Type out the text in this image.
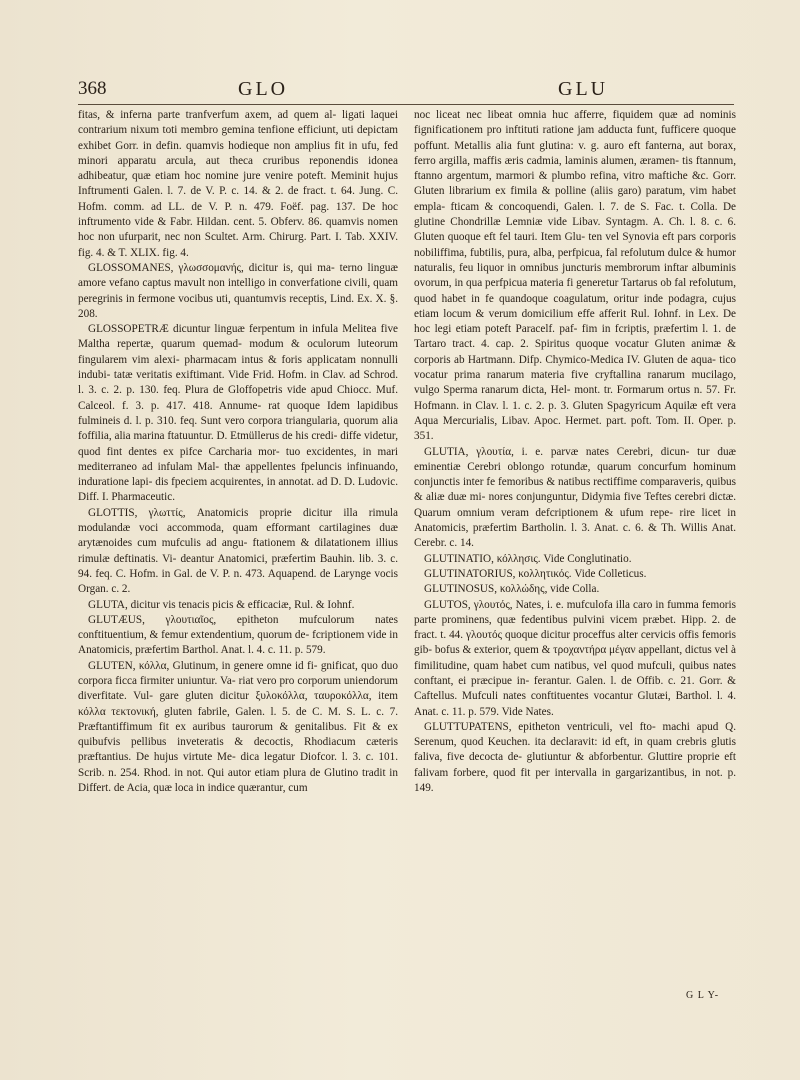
368	GLO	GLU

fitas, & inferna parte tranfverfum axem, ad quem al- ligati laquei contrarium nixum toti membro gemina tenfione efficiunt, uti depictam exhibet Gorr. in defin. quamvis hodieque non amplius fit in ufu, fed minori apparatu arcula, aut theca cruribus reponendis idonea adhibeatur, quæ etiam hoc nomine jure venire poteft. Meminit hujus Inftrumenti Galen. l. 7. de V. P. c. 14. & 2. de fract. t. 64. Jung. C. Hofm. comm. ad LL. de V. P. n. 479. Foëf. pag. 137. De hoc inftrumento vide & Fabr. Hildan. cent. 5. Obferv. 86. quamvis nomen hoc non ufurparit, nec non Scultet. Arm. Chirurg. Part. I. Tab. XXIV. fig. 4. & T. XLIX. fig. 4.

GLOSSOMANES, γλωσσομανής, dicitur is, qui ma- terno linguæ amore vefano captus mavult non intelligo in converfatione civili, quam peregrinis in fermone vocibus uti, quantumvis receptis, Lind. Ex. X. §. 208.

GLOSSOPETRÆ dicuntur linguæ ferpentum in infula Melitea five Maltha repertæ, quarum quemad- modum & oculorum luteorum fingularem vim alexi- pharmacam intus & foris applicatam nonnulli indubi- tatæ veritatis exiftimant. Vide Frid. Hofm. in Clav. ad Schrod. l. 3. c. 2. p. 130. feq. Plura de Gloffopetris vide apud Chiocc. Muf. Calceol. f. 3. p. 417. 418. Annume- rat quoque Idem lapidibus fulmineis d. l. p. 310. feq. Sunt vero corpora triangularia, quorum alia foffilia, alia marina ftatuuntur. D. Etmüllerus de his credi- diffe videtur, quod fint dentes ex pifce Carcharia mor- tuo excidentes, in mari mediterraneo ad infulam Mal- thæ appellentes fpeluncis infinuando, induratione lapi- dis fpeciem acquirentes, in annotat. ad D. D. Ludovic. Diff. I. Pharmaceutic.

GLOTTIS, γλωττίς, Anatomicis proprie dicitur illa rimula modulandæ voci accommoda, quam efformant cartilagines duæ arytænoides cum mufculis ad angu- ftationem & dilatationem illius rimulæ deftinatis. Vi- deantur Anatomici, præfertim Bauhin. lib. 3. c. 94. feq. C. Hofm. in Gal. de V. P. n. 473. Aquapend. de Larynge vocis Organ. c. 2.

GLUTA, dicitur vis tenacis picis & efficaciæ, Rul. & Iohnf.

GLUTÆUS, γλουτιαῖος, epitheton mufculorum nates conftituentium, & femur extendentium, quorum de- fcriptionem vide in Anatomicis, præfertim Barthol. Anat. l. 4. c. 11. p. 579.

GLUTEN, κόλλα, Glutinum, in genere omne id fi- gnificat, quo duo corpora ficca firmiter uniuntur. Va- riat vero pro corporum uniendorum diverfitate. Vul- gare gluten dicitur ξυλοκόλλα, ταυροκόλλα, item κόλλα τεκτονική, gluten fabrile, Galen. l. 5. de C. M. S. L. c. 7. Præftantiffimum fit ex auribus taurorum & genitalibus. Fit & ex quibufvis pellibus inveteratis & decoctis, Rhodiacum cæteris præftantius. De hujus virtute Me- dica legatur Diofcor. l. 3. c. 101. Scrib. n. 254. Rhod. in not. Qui autor etiam plura de Glutino tradit in Differt. de Acia, quæ loca in indice quærantur, cum

noc liceat nec libeat omnia huc afferre, fiquidem quæ ad nominis fignificationem pro inftituti ratione jam adducta funt, fufficere quoque poffunt. Metallis alia funt glutina: v. g. auro eft fanterna, aut borax, ferro argilla, maffis æris cadmia, laminis alumen, æramen- tis ftannum, ftanno argentum, marmori & plumbo refina, vitro maftiche &c. Gorr. Gluten librarium ex fimila & polline (aliis garo) paratum, vim habet empla- fticam & concoquendi, Galen. l. 7. de S. Fac. t. Colla. De glutine Chondrillæ Lemniæ vide Libav. Syntagm. A. Ch. l. 8. c. 6. Gluten quoque eft fel tauri. Item Glu- ten vel Synovia eft pars corporis nobiliffima, fubtilis, pura, alba, perfpicua, fal refolutum dulce & humor naturalis, feu liquor in omnibus juncturis membrorum inftar albuminis ovorum, in qua perfpicua materia fi generetur Tartarus ob fal refolutum, quod habet in fe quandoque coagulatum, oritur inde podagra, cujus etiam locum & verum domicilium effe afferit Rul. Iohnf. in Lex. De hoc legi etiam poteft Paracelf. paf- fim in fcriptis, præfertim l. 1. de Tartaro tract. 4. cap. 2. Spiritus quoque vocatur Gluten animæ & corporis ab Hartmann. Difp. Chymico-Medica IV. Gluten de aqua- tico vocatur prima ranarum materia five cryftallina ranarum mucilago, vulgo Sperma ranarum dicta, Hel- mont. tr. Formarum ortus n. 57. Fr. Hofmann. in Clav. l. 1. c. 2. p. 3. Gluten Spagyricum Aquilæ eft vera Aqua Mercurialis, Libav. Apoc. Hermet. part. poft. Tom. II. Oper. p. 351.

GLUTIA, γλουτία, i. e. parvæ nates Cerebri, dicun- tur duæ eminentiæ Cerebri oblongo rotundæ, quarum concurfum hominum conjunctis inter fe femoribus & natibus rectiffime comparaveris, quibus & aliæ duæ mi- nores conjunguntur, Didymia five Teftes cerebri dictæ. Quarum omnium veram defcriptionem & ufum repe- rire licet in Anatomicis, præfertim Bartholin. l. 3. Anat. c. 6. & Th. Willis Anat. Cerebr. c. 14.

GLUTINATIO, κόλλησις. Vide Conglutinatio.

GLUTINATORIUS, κολλητικός. Vide Colleticus.

GLUTINOSUS, κολλώδης, vide Colla.

GLUTOS, γλουτός, Nates, i. e. mufculofa illa caro in fumma femoris parte prominens, quæ fedentibus pulvini vicem præbet. Hipp. 2. de fract. t. 44. γλουτός quoque dicitur proceffus alter cervicis offis femoris gib- bofus & exterior, quem & τροχαντήρα μέγαν appellant, dictus vel à fimilitudine, quam habet cum natibus, vel quod mufculi, quibus nates conftant, ei præcipue in- ferantur. Galen. l. de Offib. c. 21. Gorr. & Caftellus. Mufculi nates conftituentes vocantur Glutæi, Barthol. l. 4. Anat. c. 11. p. 579. Vide Nates.

GLUTTUPATENS, epitheton ventriculi, vel fto- machi apud Q. Serenum, quod Keuchen. ita declaravit: id eft, in quam crebris glutis faliva, five decocta de- glutiuntur & abforbentur. Gluttire proprie eft falivam forbere, quod fit per intervalla in gargarizantibus, in not. p. 149.

G L Y-
